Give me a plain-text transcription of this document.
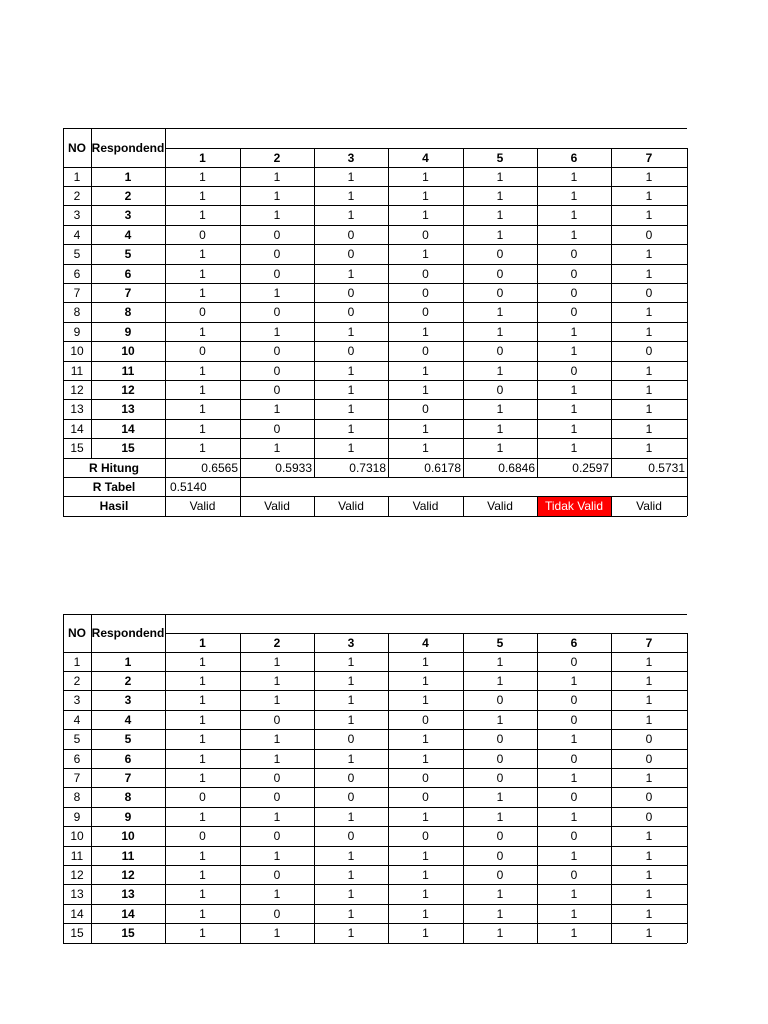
NO Respondend
1	2	3	4	5	6	7
1	1	1	1	1	1	1	1	1
2	2	1	1	1	1	1	1	1
3	3	1	1	1	1	1	1	1
4	4	0	0	0	0	1	1	0
5	5	1	0	0	1	0	0	1
6	6	1	0	1	0	0	0	1
7	7	1	1	0	0	0	0	0
8	8	0	0	0	0	1	0	1
9	9	1	1	1	1	1	1	1
10	10	0	0	0	0	0	1	0
11	11	1	0	1	1	1	0	1
12	12	1	0	1	1	0	1	1
13	13	1	1	1	0	1	1	1
14	14	1	0	1	1	1	1	1
15	15	1	1	1	1	1	1	1
R Hitung	0.6565	0.5933	0.7318	0.6178	0.6846	0.2597	0.5731
R Tabel	0.5140
Hasil	Valid	Valid	Valid	Valid	Valid	Tidak Valid	Valid
NO Respondend
1	2	3	4	5	6	7
1	1	1	1	1	1	1	0	1
2	2	1	1	1	1	1	1	1
3	3	1	1	1	1	0	0	1
4	4	1	0	1	0	1	0	1
5	5	1	1	0	1	0	1	0
6	6	1	1	1	1	0	0	0
7	7	1	0	0	0	0	1	1
8	8	0	0	0	0	1	0	0
9	9	1	1	1	1	1	1	0
10	10	0	0	0	0	0	0	1
11	11	1	1	1	1	0	1	1
12	12	1	0	1	1	0	0	1
13	13	1	1	1	1	1	1	1
14	14	1	0	1	1	1	1	1
15	15	1	1	1	1	1	1	1
